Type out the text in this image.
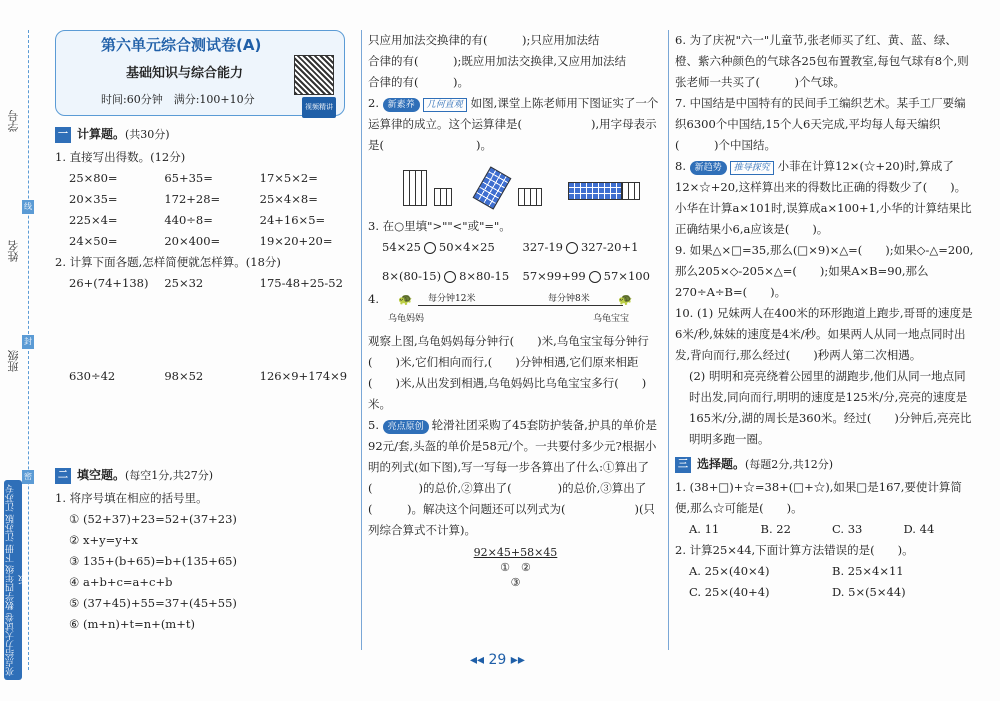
学号
姓名
班级
线
封
密
亮点给力大试卷 数学四年级 下册 江苏版 江苏专版
第六单元综合测试卷(A)
基础知识与综合能力
时间:60分钟　满分:100+10分
视频精讲
一 计算题。 (共30分)
1. 直接写出得数。(12分)
25×80=	65+35=	17×5×2=
20×35=	172+28=	25×4×8=
225×4=	440÷8=	24+16×5=
24×50=	20×400=	19×20+20=
2. 计算下面各题,怎样简便就怎样算。(18分)
26+(74+138)	25×32	175-48+25-52
630÷42	98×52	126×9+174×9
二 填空题。 (每空1分,共27分)
1. 将序号填在相应的括号里。
① (52+37)+23=52+(37+23)
② x+y=y+x
③ 135+(b+65)=b+(135+65)
④ a+b+c=a+c+b
⑤ (37+45)+55=37+(45+55)
⑥ (m+n)+t=n+(m+t)
只应用加法交换律的有(　　　);只应用加法结
合律的有(　　　);既应用加法交换律,又应用加法结
合律的有(　　　)。
2. 新素养 几何直观 如图,课堂上陈老师用下图证实了一个运算律的成立。这个运算律是(　　　　　　),用字母表示是(　　　　　　　　)。
3. 在○里填">""<"或"="。
54×25 50×4×25	327-19 327-20+1
8×(80-15) 8×80-15	57×99+99 57×100
4. 🐢 每分钟12米	每分钟8米 🐢
乌龟妈妈	乌龟宝宝
观察上图,乌龟妈妈每分钟行(　　)米,乌龟宝宝每分钟行(　　)米,它们相向而行,(　　)分钟相遇,它们原来相距(　　)米,从出发到相遇,乌龟妈妈比乌龟宝宝多行(　　)米。
5. 亮点原创 轮滑社团采购了45套防护装备,护具的单价是92元/套,头盔的单价是58元/个。一共要付多少元?根据小明的列式(如下图),写一写每一步各算出了什么:①算出了(　　　　)的总价,②算出了(　　　　)的总价,③算出了(　　　)。解决这个问题还可以列式为(　　　　　　)(只列综合算式不计算)。
92×45+58×45
①　 ②
③
6. 为了庆祝"六一"儿童节,张老师买了红、黄、蓝、绿、橙、紫六种颜色的气球各25包布置教室,每包气球有8个,则张老师一共买了(　　　)个气球。
7. 中国结是中国特有的民间手工编织艺术。某手工厂要编织6300个中国结,15个人6天完成,平均每人每天编织(　　　)个中国结。
8. 新趋势 推导探究 小菲在计算12×(☆+20)时,算成了12×☆+20,这样算出来的得数比正确的得数少了(　　)。小华在计算a×101时,误算成a×100+1,小华的计算结果比正确结果小6,a应该是(　　)。
9. 如果△×□=35,那么(□×9)×△=(　　);如果◇-△=200,那么205×◇-205×△=(　　);如果A×B=90,那么270÷A÷B=(　　)。
10. (1) 兄妹两人在400米的环形跑道上跑步,哥哥的速度是6米/秒,妹妹的速度是4米/秒。如果两人从同一地点同时出发,背向而行,那么经过(　　)秒两人第二次相遇。
(2) 明明和亮亮绕着公园里的湖跑步,他们从同一地点同时出发,同向而行,明明的速度是125米/分,亮亮的速度是165米/分,湖的周长是360米。经过(　　)分钟后,亮亮比明明多跑一圈。
三 选择题。 (每题2分,共12分)
1. (38+□)+☆=38+(□+☆),如果□是167,要使计算简便,那么☆可能是(　　)。
A. 11	B. 22	C. 33	D. 44
2. 计算25×44,下面计算方法错误的是(　　)。
A. 25×(40×4)	B. 25×4×11
C. 25×(40+4)	D. 5×(5×44)
◂◂ 29 ▸▸
